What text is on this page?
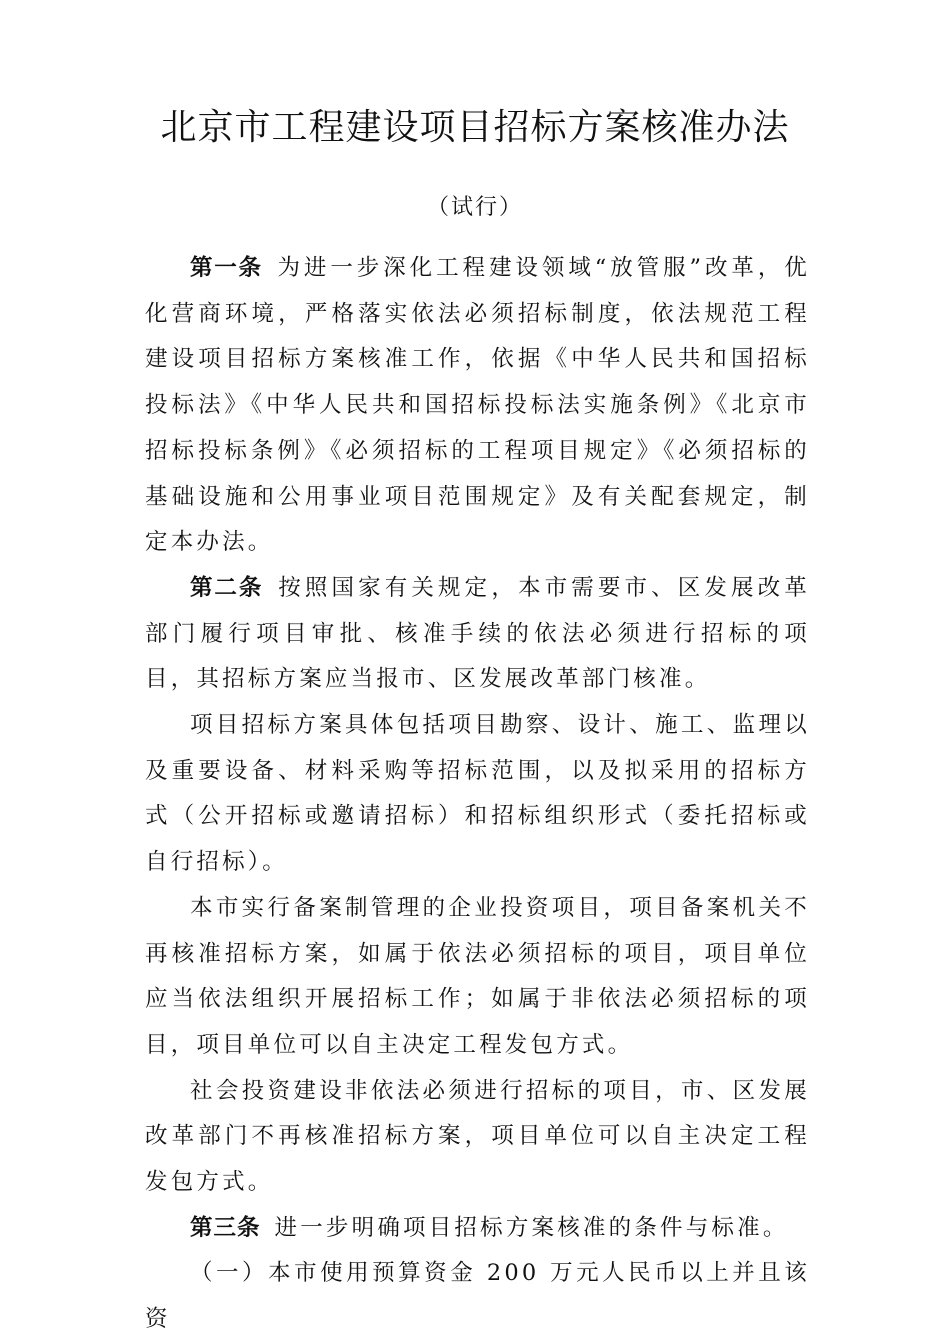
北京市工程建设项目招标方案核准办法
（试行）

第一条 为进一步深化工程建设领域“放管服”改革，优化营商环境，严格落实依法必须招标制度，依法规范工程建设项目招标方案核准工作，依据《中华人民共和国招标投标法》《中华人民共和国招标投标法实施条例》《北京市招标投标条例》《必须招标的工程项目规定》《必须招标的基础设施和公用事业项目范围规定》及有关配套规定，制定本办法。

第二条 按照国家有关规定，本市需要市、区发展改革部门履行项目审批、核准手续的依法必须进行招标的项目，其招标方案应当报市、区发展改革部门核准。

项目招标方案具体包括项目勘察、设计、施工、监理以及重要设备、材料采购等招标范围，以及拟采用的招标方式（公开招标或邀请招标）和招标组织形式（委托招标或自行招标）。

本市实行备案制管理的企业投资项目，项目备案机关不再核准招标方案，如属于依法必须招标的项目，项目单位应当依法组织开展招标工作；如属于非依法必须招标的项目，项目单位可以自主决定工程发包方式。

社会投资建设非依法必须进行招标的项目，市、区发展改革部门不再核准招标方案，项目单位可以自主决定工程发包方式。

第三条 进一步明确项目招标方案核准的条件与标准。

（一）本市使用预算资金 200 万元人民币以上并且该资
